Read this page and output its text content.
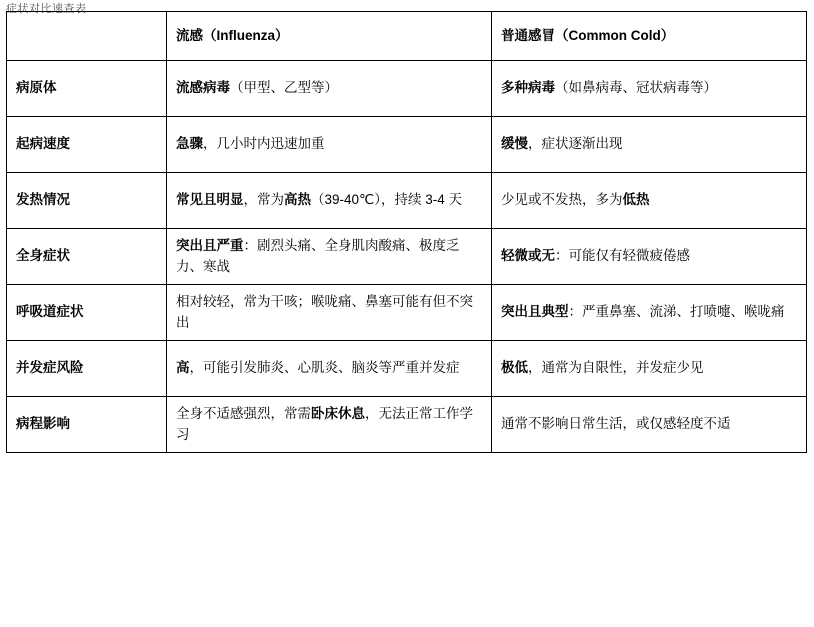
症状对比速查表
	流感（Influenza）	普通感冒（Common Cold）
病原体	流感病毒（甲型、乙型等）	多种病毒（如鼻病毒、冠状病毒等）
起病速度	急骤，几小时内迅速加重	缓慢，症状逐渐出现
发热情况	常见且明显，常为高热（39-40℃），持续 3-4 天	少见或不发热，多为低热
全身症状	突出且严重：剧烈头痛、全身肌肉酸痛、极度乏力、寒战	轻微或无：可能仅有轻微疲倦感
呼吸道症状	相对较轻，常为干咳；喉咙痛、鼻塞可能有但不突出	突出且典型：严重鼻塞、流涕、打喷嚏、喉咙痛
并发症风险	高，可能引发肺炎、心肌炎、脑炎等严重并发症	极低，通常为自限性，并发症少见
病程影响	全身不适感强烈，常需卧床休息，无法正常工作学习	通常不影响日常生活，或仅感轻度不适
